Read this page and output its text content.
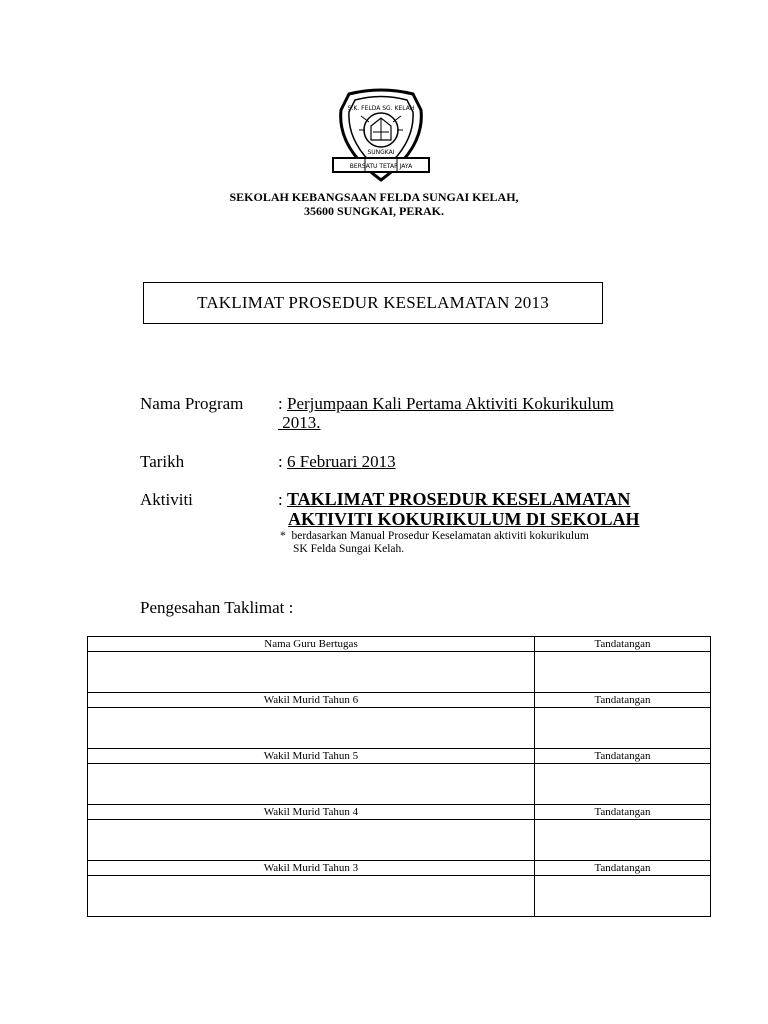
S.K. FELDA SG. KELAH
SUNGKAI
BERSATU TETAP JAYA
SEKOLAH KEBANGSAAN FELDA SUNGAI KELAH,
35600 SUNGKAI, PERAK.
TAKLIMAT PROSEDUR KESELAMATAN 2013
Nama Program : Perjumpaan Kali Pertama Aktiviti Kokurikulum
2013.
Tarikh	: 6 Februari 2013
Aktiviti	: TAKLIMAT PROSEDUR KESELAMATAN
AKTIVITI KOKURIKULUM DI SEKOLAH
*  berdasarkan Manual Prosedur Keselamatan aktiviti kokurikulum
SK Felda Sungai Kelah.
Pengesahan Taklimat :
Nama Guru Bertugas	Tandatangan

Wakil Murid Tahun 6	Tandatangan

Wakil Murid Tahun 5	Tandatangan

Wakil Murid Tahun 4	Tandatangan

Wakil Murid Tahun 3	Tandatangan
